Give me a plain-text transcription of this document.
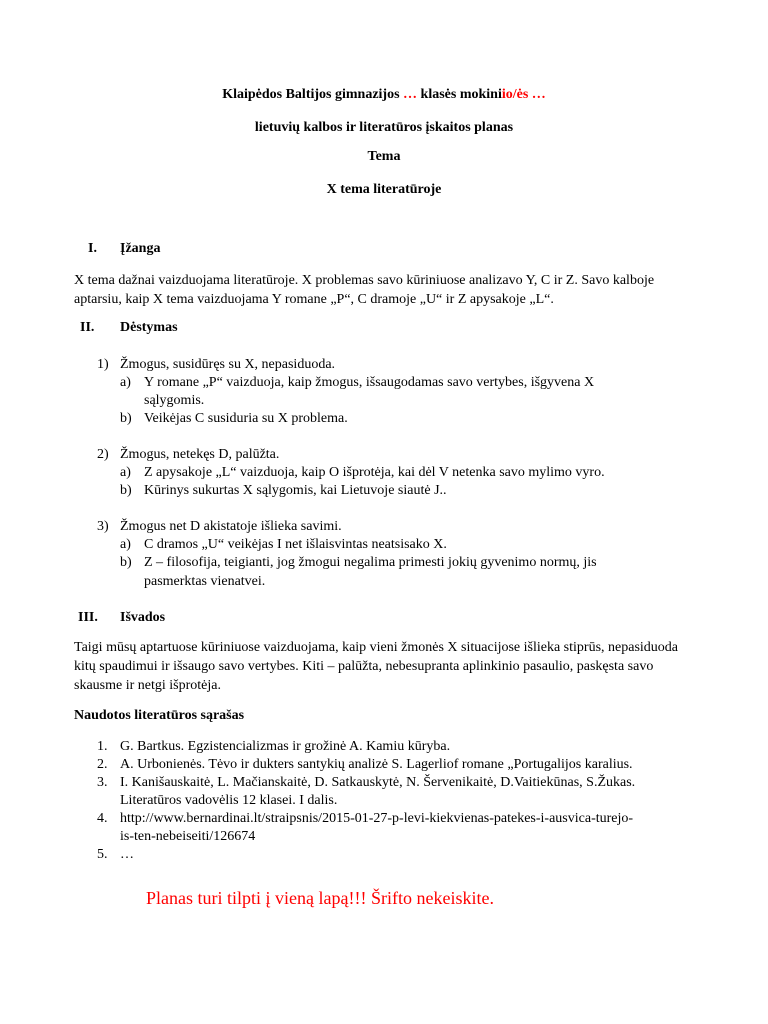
Klaipėdos Baltijos gimnazijos … klasės mokiniio/ės …
lietuvių kalbos ir literatūros įskaitos planas
Tema
X tema literatūroje
I. Įžanga
X tema dažnai vaizduojama literatūroje. X problemas savo kūriniuose analizavo Y, C ir Z. Savo kalboje aptarsiu, kaip X tema vaizduojama Y romane „P“, C dramoje „U“ ir Z apysakoje „L“.
II. Dėstymas
1) Žmogus, susidūręs su X, nepasiduoda.
a) Y romane „P“ vaizduoja, kaip žmogus, išsaugodamas savo vertybes, išgyvena X
sąlygomis.
b) Veikėjas C susiduria su X problema.
2) Žmogus, netekęs D, palūžta.
a) Z apysakoje „L“ vaizduoja, kaip O išprotėja, kai dėl V netenka savo mylimo vyro.
b) Kūrinys sukurtas X sąlygomis, kai Lietuvoje siautė J..
3) Žmogus net D akistatoje išlieka savimi.
a) C dramos „U“ veikėjas I net išlaisvintas neatsisako X.
b) Z – filosofija, teigianti, jog žmogui negalima primesti jokių gyvenimo normų, jis
pasmerktas vienatvei.
III. Išvados
Taigi mūsų aptartuose kūriniuose vaizduojama, kaip vieni žmonės X situacijose išlieka stiprūs, nepasiduoda kitų spaudimui ir išsaugo savo vertybes. Kiti – palūžta, nebesupranta aplinkinio pasaulio, paskęsta savo skausme ir netgi išprotėja.
Naudotos literatūros sąrašas
1. G. Bartkus. Egzistencializmas ir grožinė A. Kamiu kūryba.
2. A. Urbonienės. Tėvo ir dukters santykių analizė S. Lagerliof romane „Portugalijos karalius.
3. I. Kanišauskaitė, L. Mačianskaitė, D. Satkauskytė, N. Šervenikaitė, D.Vaitiekūnas, S.Žukas.
Literatūros vadovėlis 12 klasei. I dalis.
4. http://www.bernardinai.lt/straipsnis/2015-01-27-p-levi-kiekvienas-patekes-i-ausvica-turejo-
is-ten-nebeiseiti/126674
5. …
Planas turi tilpti į vieną lapą!!! Šrifto nekeiskite.
